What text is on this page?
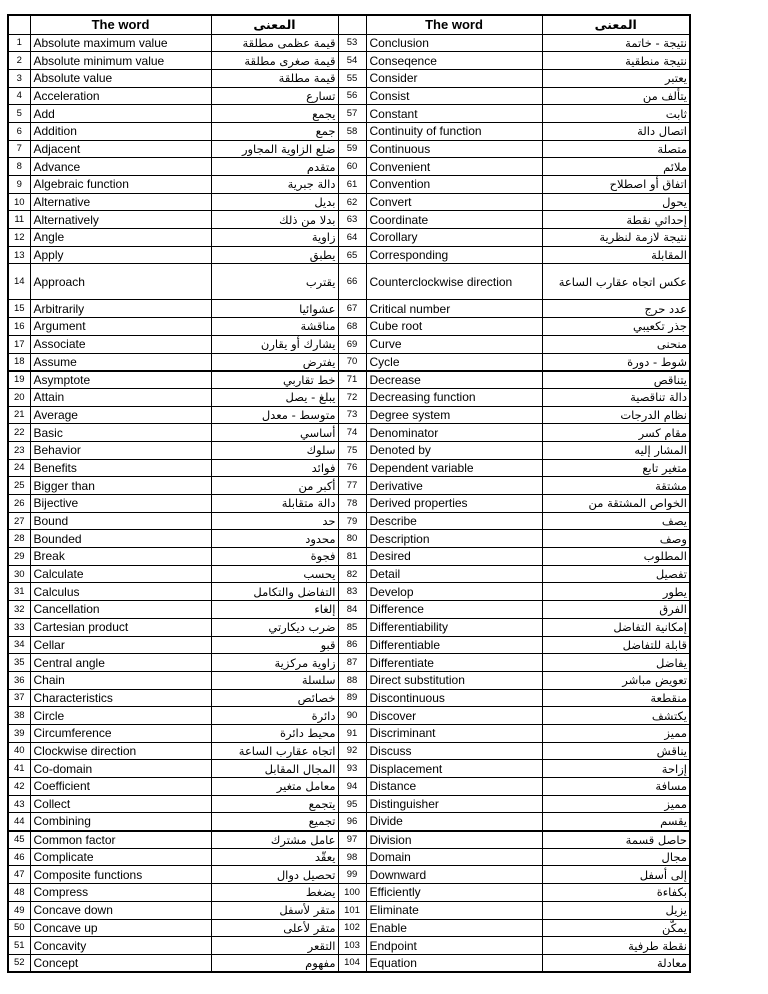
	The word	المعنى		The word	المعنى
1	Absolute maximum value	قيمة عظمى مطلقة	53	Conclusion	نتيجة - خاتمة
2	Absolute minimum value	قيمة صغرى مطلقة	54	Conseqence	نتيجة منطقية
3	Absolute value	قيمة مطلقة	55	Consider	يعتبر
4	Acceleration	تسارع	56	Consist	يتألف من
5	Add	يجمع	57	Constant	ثابت
6	Addition	جمع	58	Continuity of function	اتصال دالة
7	Adjacent	ضلع الزاوية المجاور	59	Continuous	متصلة
8	Advance	متقدم	60	Convenient	ملائم
9	Algebraic function	دالة جبرية	61	Convention	اتفاق أو اصطلاح
10	Alternative	بديل	62	Convert	يحول
11	Alternatively	بدلا من ذلك	63	Coordinate	إحداثي نقطة
12	Angle	زاوية	64	Corollary	نتيجة لازمة لنظرية
13	Apply	يطبق	65	Corresponding	المقابلة
14	Approach	يقترب	66	Counterclockwise direction	عكس اتجاه عقارب الساعة
15	Arbitrarily	عشوائيا	67	Critical number	عدد حرج
16	Argument	مناقشة	68	Cube root	جذر تكعيبي
17	Associate	يشارك أو يقارن	69	Curve	منحنى
18	Assume	يفترض	70	Cycle	شوط - دورة
19	Asymptote	خط تقاربي	71	Decrease	يتناقص
20	Attain	يبلغ - يصل	72	Decreasing function	دالة تناقصية
21	Average	متوسط - معدل	73	Degree system	نظام الدرجات
22	Basic	أساسي	74	Denominator	مقام كسر
23	Behavior	سلوك	75	Denoted by	المشار إليه
24	Benefits	فوائد	76	Dependent variable	متغير تابع
25	Bigger than	أكبر من	77	Derivative	مشتقة
26	Bijective	دالة متقابلة	78	Derived properties	الخواص المشتقة من
27	Bound	حد	79	Describe	يصف
28	Bounded	محدود	80	Description	وصف
29	Break	فجوة	81	Desired	المطلوب
30	Calculate	يحسب	82	Detail	تفصيل
31	Calculus	التفاضل والتكامل	83	Develop	يطور
32	Cancellation	إلغاء	84	Difference	الفرق
33	Cartesian product	ضرب ديكارتي	85	Differentiability	إمكانية التفاضل
34	Cellar	قبو	86	Differentiable	قابلة للتفاضل
35	Central angle	زاوية مركزية	87	Differentiate	يفاضل
36	Chain	سلسلة	88	Direct substitution	تعويض مباشر
37	Characteristics	خصائص	89	Discontinuous	منقطعة
38	Circle	دائرة	90	Discover	يكتشف
39	Circumference	محيط دائرة	91	Discriminant	مميز
40	Clockwise direction	اتجاه عقارب الساعة	92	Discuss	يناقش
41	Co-domain	المجال المقابل	93	Displacement	إزاحة
42	Coefficient	معامل متغير	94	Distance	مسافة
43	Collect	يتجمع	95	Distinguisher	مميز
44	Combining	تجميع	96	Divide	يقسم
45	Common factor	عامل مشترك	97	Division	حاصل قسمة
46	Complicate	يعقّد	98	Domain	مجال
47	Composite functions	تحصيل دوال	99	Downward	إلى أسفل
48	Compress	يضغط	100	Efficiently	بكفاءة
49	Concave down	متقر لأسفل	101	Eliminate	يزيل
50	Concave up	متقر لأعلى	102	Enable	يمكّن
51	Concavity	التقعر	103	Endpoint	نقطة طرفية
52	Concept	مفهوم	104	Equation	معادلة
